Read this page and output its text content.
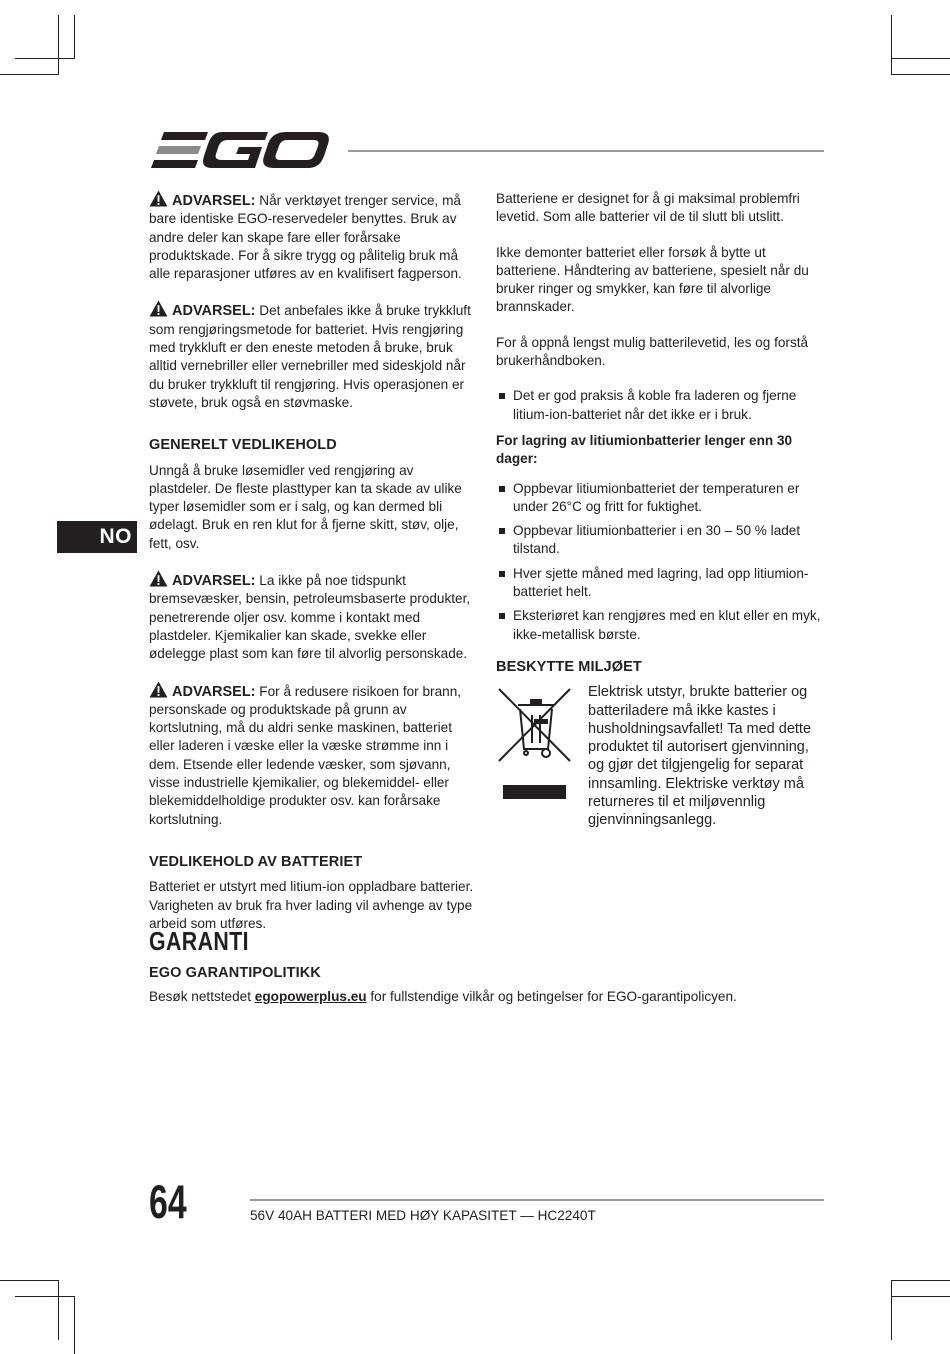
NO
ADVARSEL: Når verktøyet trenger service, må bare identiske EGO-reservedeler benyttes. Bruk av andre deler kan skape fare eller forårsake produktskade. For å sikre trygg og pålitelig bruk må alle reparasjoner utføres av en kvalifisert fagperson.
ADVARSEL: Det anbefales ikke å bruke trykkluft som rengjøringsmetode for batteriet. Hvis rengjøring med trykkluft er den eneste metoden å bruke, bruk alltid vernebriller eller vernebriller med sideskjold når du bruker trykkluft til rengjøring. Hvis operasjonen er støvete, bruk også en støvmaske.
GENERELT VEDLIKEHOLD

Unngå å bruke løsemidler ved rengjøring av plastdeler. De fleste plasttyper kan ta skade av ulike typer løsemidler som er i salg, og kan dermed bli ødelagt. Bruk en ren klut for å fjerne skitt, støv, olje, fett, osv.

ADVARSEL: La ikke på noe tidspunkt bremsevæsker, bensin, petroleumsbaserte produkter, penetrerende oljer osv. komme i kontakt med plastdeler. Kjemikalier kan skade, svekke eller ødelegge plast som kan føre til alvorlig personskade.
ADVARSEL: For å redusere risikoen for brann, personskade og produktskade på grunn av kortslutning, må du aldri senke maskinen, batteriet eller laderen i væske eller la væske strømme inn i dem. Etsende eller ledende væsker, som sjøvann, visse industrielle kjemikalier, og blekemiddel- eller blekemiddelholdige produkter osv. kan forårsake kortslutning.
VEDLIKEHOLD AV BATTERIET

Batteriet er utstyrt med litium-ion oppladbare batterier. Varigheten av bruk fra hver lading vil avhenge av type arbeid som utføres.

Batteriene er designet for å gi maksimal problemfri levetid. Som alle batterier vil de til slutt bli utslitt.

Ikke demonter batteriet eller forsøk å bytte ut batteriene. Håndtering av batteriene, spesielt når du bruker ringer og smykker, kan føre til alvorlige brannskader.

For å oppnå lengst mulig batterilevetid, les og forstå brukerhåndboken.

Det er god praksis å koble fra laderen og fjerne litium-ion-batteriet når det ikke er i bruk.
For lagring av litiumionbatterier lenger enn 30 dager:
Oppbevar litiumionbatteriet der temperaturen er under 26°C og fritt for fuktighet.
Oppbevar litiumionbatterier i en 30 – 50 % ladet tilstand.
Hver sjette måned med lagring, lad opp litiumion-batteriet helt.
Eksteriøret kan rengjøres med en klut eller en myk, ikke-metallisk børste.
BESKYTTE MILJØET
Elektrisk utstyr, brukte batterier og batteriladere må ikke kastes i husholdningsavfallet! Ta med dette produktet til autorisert gjenvinning, og gjør det tilgjengelig for separat innsamling. Elektriske verktøy må returneres til et miljøvennlig gjenvinningsanlegg.
GARANTI
EGO GARANTIPOLITIKK

Besøk nettstedet egopowerplus.eu for fullstendige vilkår og betingelser for EGO-garantipolicyen.

64	56V 40AH BATTERI MED HØY KAPASITET — HC2240T
